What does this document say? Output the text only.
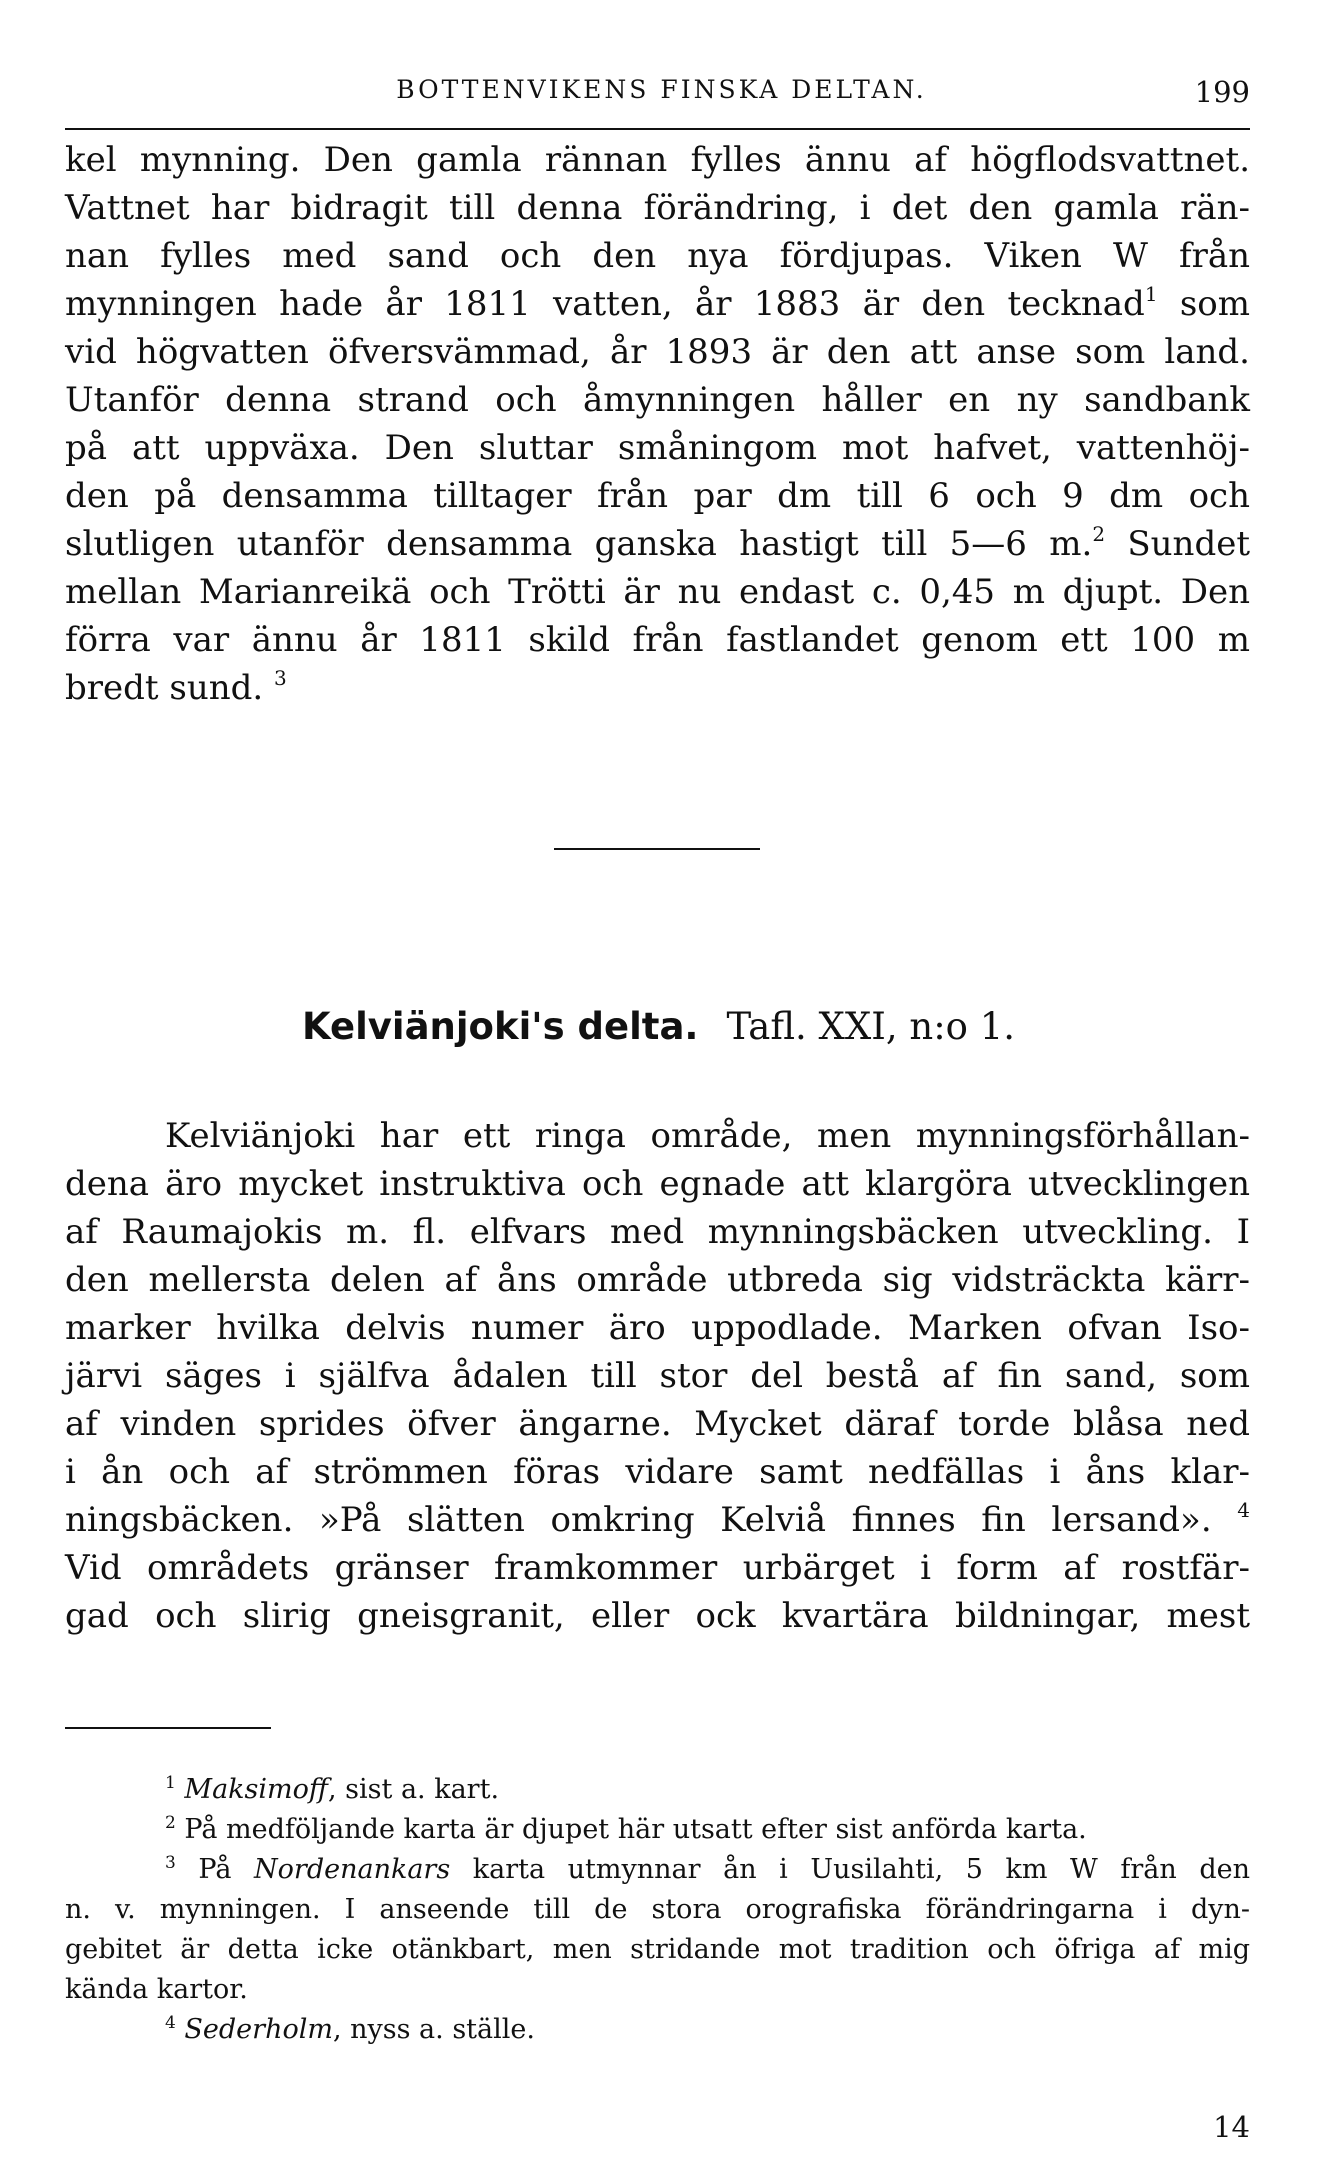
BOTTENVIKENS FINSKA DELTAN.	199
kel mynning. Den gamla rännan fylles ännu af högflodsvattnet.
Vattnet har bidragit till denna förändring, i det den gamla rän-
nan fylles med sand och den nya fördjupas. Viken W från
mynningen hade år 1811 vatten, år 1883 är den tecknad$^1$ som
vid högvatten öfversvämmad, år 1893 är den att anse som land.
Utanför denna strand och åmynningen håller en ny sandbank
på att uppväxa. Den sluttar småningom mot hafvet, vattenhöj-
den på densamma tilltager från par dm till 6 och 9 dm och
slutligen utanför densamma ganska hastigt till 5—6 m.$^2$ Sundet
mellan Marianreikä och Trötti är nu endast c. 0,45 m djupt. Den
förra var ännu år 1811 skild från fastlandet genom ett 100 m
bredt sund. $^3$
Kelviänjoki's delta. Tafl. XXI, n:o 1.
Kelviänjoki har ett ringa område, men mynningsförhållan-
dena äro mycket instruktiva och egnade att klargöra utvecklingen
af Raumajokis m. fl. elfvars med mynningsbäcken utveckling. I
den mellersta delen af åns område utbreda sig vidsträckta kärr-
marker hvilka delvis numer äro uppodlade. Marken ofvan Iso-
järvi säges i själfva ådalen till stor del bestå af fin sand, som
af vinden sprides öfver ängarne. Mycket däraf torde blåsa ned
i ån och af strömmen föras vidare samt nedfällas i åns klar-
ningsbäcken. »På slätten omkring Kelviå finnes fin lersand». $^4$
Vid områdets gränser framkommer urbärget i form af rostfär-
gad och slirig gneisgranit, eller ock kvartära bildningar, mest
$^1$ Maksimoff, sist a. kart.
$^2$ På medföljande karta är djupet här utsatt efter sist anförda karta.
$^3$ På Nordenankars karta utmynnar ån i Uusilahti, 5 km W från den
n. v. mynningen. I anseende till de stora orografiska förändringarna i dyn-
gebitet är detta icke otänkbart, men stridande mot tradition och öfriga af mig
kända kartor.
$^4$ Sederholm, nyss a. ställe.
14
